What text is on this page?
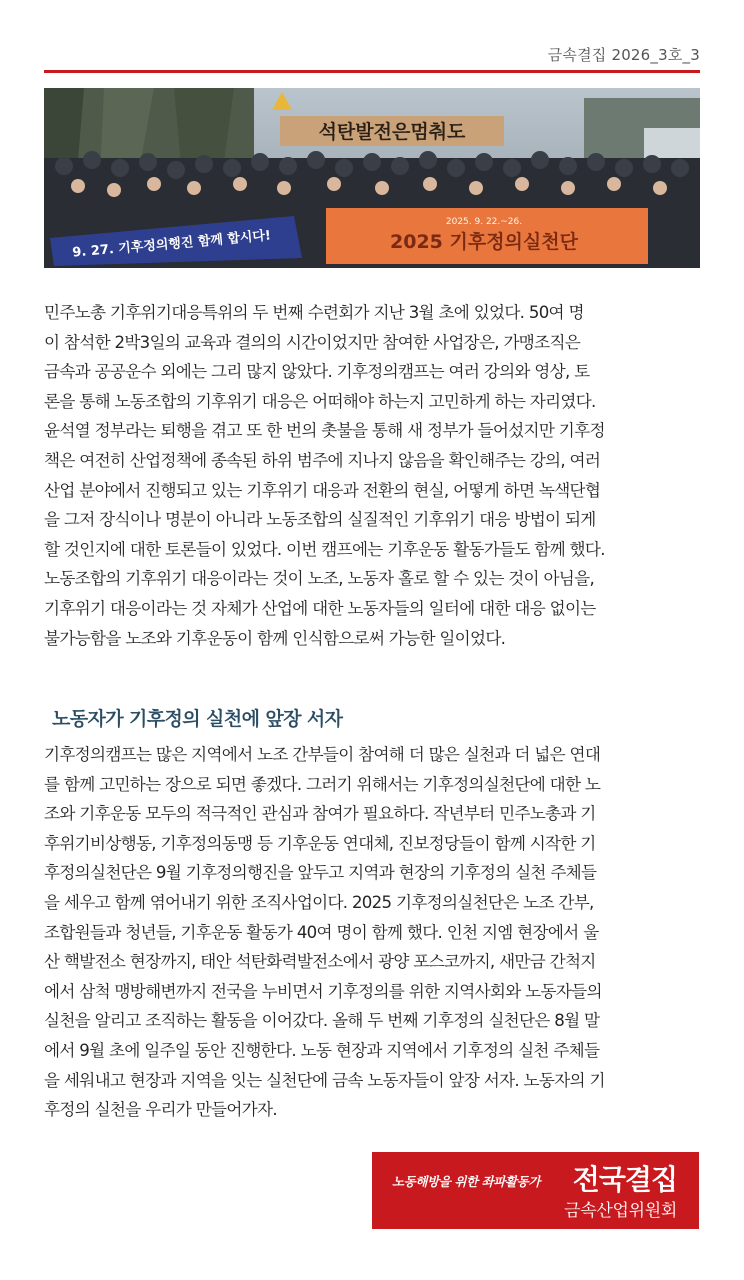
금속결집 2026_3호_3
석탄발전은멈춰도
9. 27. 기후정의행진 함께 합시다!
2025. 9. 22.~26.
2025 기후정의실천단

민주노총 기후위기대응특위의 두 번째 수련회가 지난 3월 초에 있었다. 50여 명
이 참석한 2박3일의 교육과 결의의 시간이었지만 참여한 사업장은, 가맹조직은
금속과 공공운수 외에는 그리 많지 않았다. 기후정의캠프는 여러 강의와 영상, 토
론을 통해 노동조합의 기후위기 대응은 어떠해야 하는지 고민하게 하는 자리였다.
윤석열 정부라는 퇴행을 겪고 또 한 번의 촛불을 통해 새 정부가 들어섰지만 기후정
책은 여전히 산업정책에 종속된 하위 범주에 지나지 않음을 확인해주는 강의, 여러
산업 분야에서 진행되고 있는 기후위기 대응과 전환의 현실, 어떻게 하면 녹색단협
을 그저 장식이나 명분이 아니라 노동조합의 실질적인 기후위기 대응 방법이 되게
할 것인지에 대한 토론들이 있었다. 이번 캠프에는 기후운동 활동가들도 함께 했다.
노동조합의 기후위기 대응이라는 것이 노조, 노동자 홀로 할 수 있는 것이 아님을,
기후위기 대응이라는 것 자체가 산업에 대한 노동자들의 일터에 대한 대응 없이는
불가능함을 노조와 기후운동이 함께 인식함으로써 가능한 일이었다.

노동자가 기후정의 실천에 앞장 서자

기후정의캠프는 많은 지역에서 노조 간부들이 참여해 더 많은 실천과 더 넓은 연대
를 함께 고민하는 장으로 되면 좋겠다. 그러기 위해서는 기후정의실천단에 대한 노
조와 기후운동 모두의 적극적인 관심과 참여가 필요하다. 작년부터 민주노총과 기
후위기비상행동, 기후정의동맹 등 기후운동 연대체, 진보정당들이 함께 시작한 기
후정의실천단은 9월 기후정의행진을 앞두고 지역과 현장의 기후정의 실천 주체들
을 세우고 함께 엮어내기 위한 조직사업이다. 2025 기후정의실천단은 노조 간부,
조합원들과 청년들, 기후운동 활동가 40여 명이 함께 했다. 인천 지엠 현장에서 울
산 핵발전소 현장까지, 태안 석탄화력발전소에서 광양 포스코까지, 새만금 간척지
에서 삼척 맹방해변까지 전국을 누비면서 기후정의를 위한 지역사회와 노동자들의
실천을 알리고 조직하는 활동을 이어갔다. 올해 두 번째 기후정의 실천단은 8월 말
에서 9월 초에 일주일 동안 진행한다. 노동 현장과 지역에서 기후정의 실천 주체들
을 세워내고 현장과 지역을 잇는 실천단에 금속 노동자들이 앞장 서자. 노동자의 기
후정의 실천을 우리가 만들어가자.

노동해방을 위한 좌파활동가 전국결집
금속산업위원회
